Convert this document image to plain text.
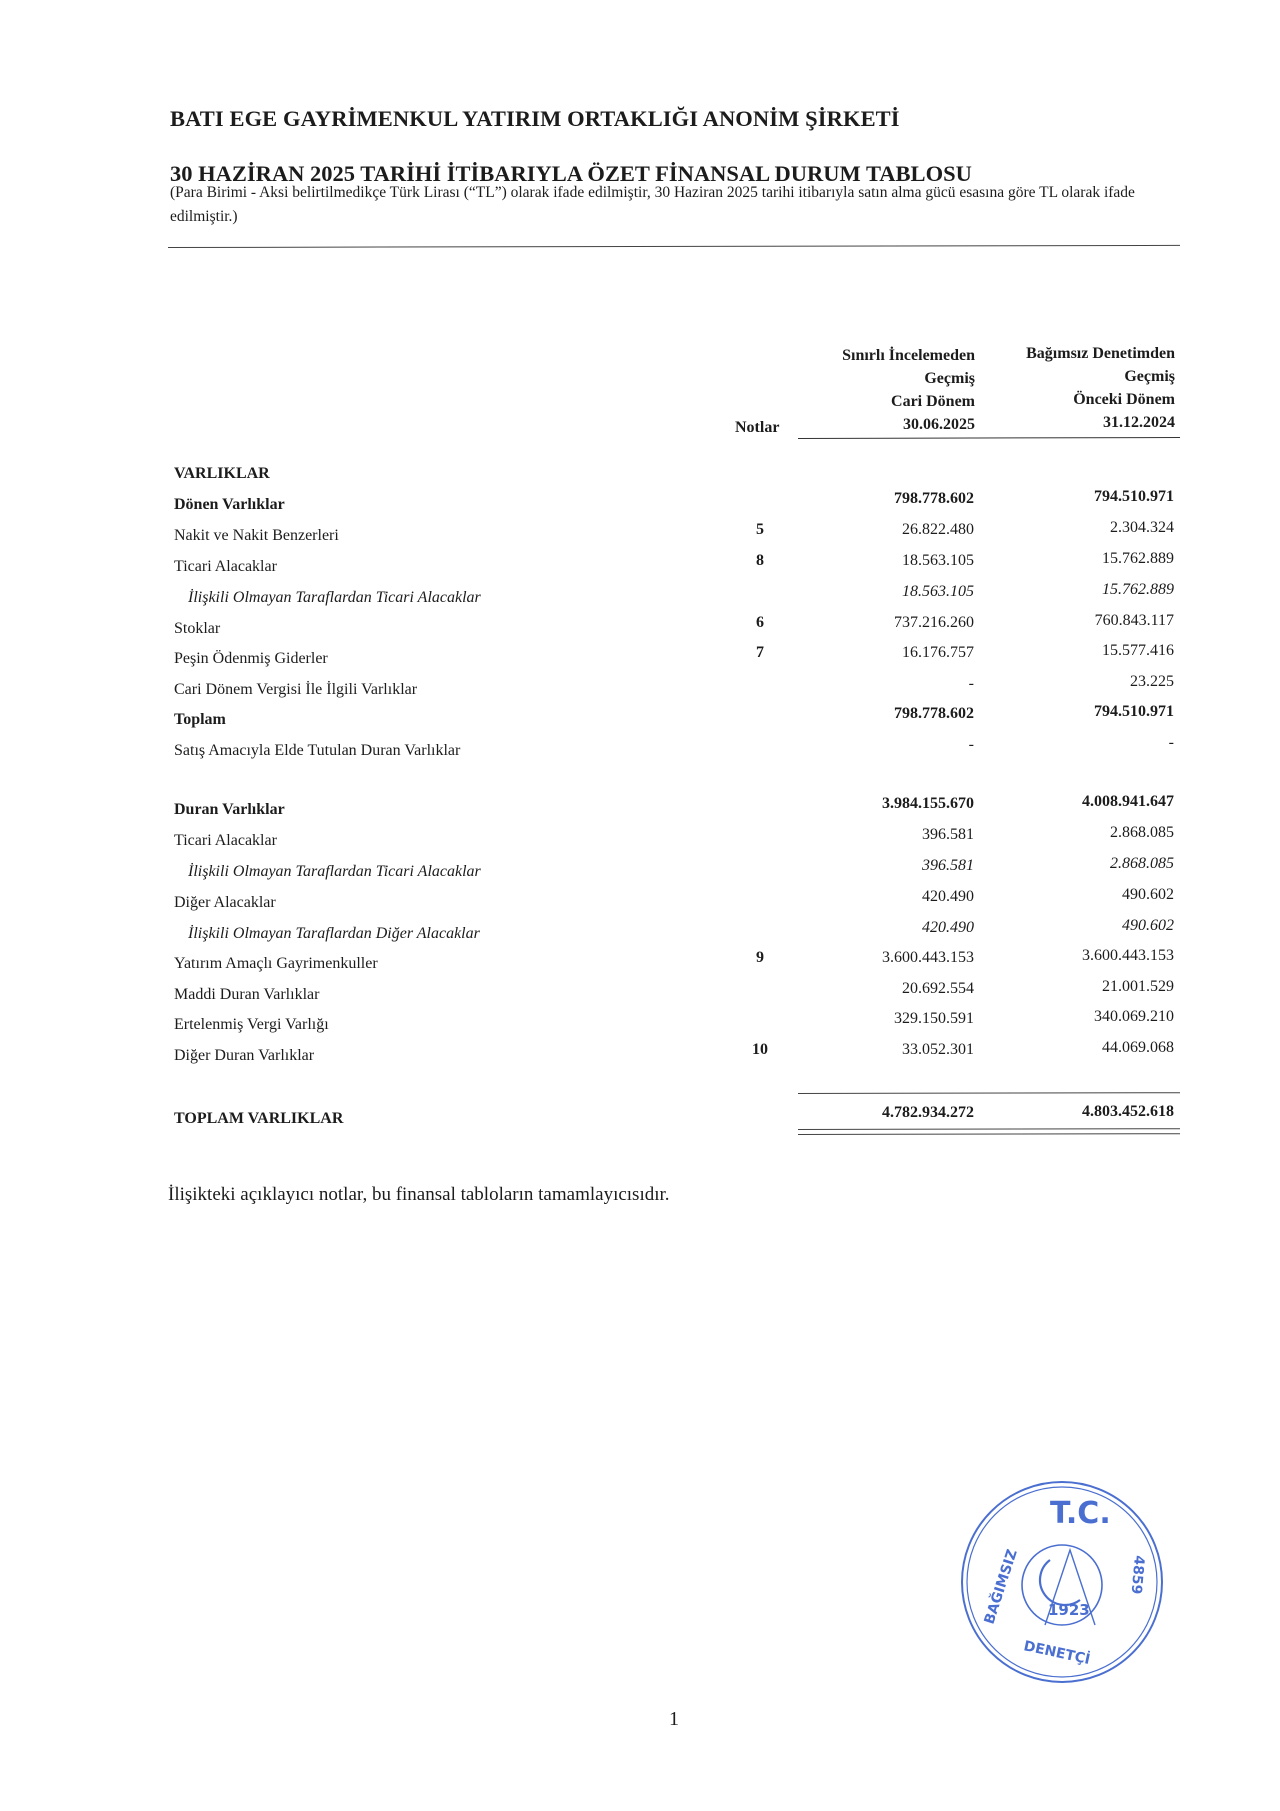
BATI EGE GAYRİMENKUL YATIRIM ORTAKLIĞI ANONİM ŞİRKETİ
30 HAZİRAN 2025 TARİHİ İTİBARIYLA ÖZET FİNANSAL DURUM TABLOSU
(Para Birimi - Aksi belirtilmedikçe Türk Lirası (“TL”) olarak ifade edilmiştir, 30 Haziran 2025 tarihi itibarıyla satın alma gücü esasına göre TL olarak ifade edilmiştir.)
Sınırlı İncelemeden
Geçmiş
Cari Dönem
30.06.2025
Bağımsız Denetimden
Geçmiş
Önceki Dönem
31.12.2024
Notlar
VARLIKLAR
Dönen Varlıklar	798.778.602	794.510.971
Nakit ve Nakit Benzerleri	5	26.822.480	2.304.324
Ticari Alacaklar	8	18.563.105	15.762.889
İlişkili Olmayan Taraflardan Ticari Alacaklar	18.563.105	15.762.889
Stoklar	6	737.216.260	760.843.117
Peşin Ödenmiş Giderler	7	16.176.757	15.577.416
Cari Dönem Vergisi İle İlgili Varlıklar	-	23.225
Toplam	798.778.602	794.510.971
Satış Amacıyla Elde Tutulan Duran Varlıklar	-	-
Duran Varlıklar	3.984.155.670	4.008.941.647
Ticari Alacaklar	396.581	2.868.085
İlişkili Olmayan Taraflardan Ticari Alacaklar	396.581	2.868.085
Diğer Alacaklar	420.490	490.602
İlişkili Olmayan Taraflardan Diğer Alacaklar	420.490	490.602
Yatırım Amaçlı Gayrimenkuller	9	3.600.443.153	3.600.443.153
Maddi Duran Varlıklar	20.692.554	21.001.529
Ertelenmiş Vergi Varlığı	329.150.591	340.069.210
Diğer Duran Varlıklar	10	33.052.301	44.069.068
TOPLAM VARLIKLAR	4.782.934.272	4.803.452.618
İlişikteki açıklayıcı notlar, bu finansal tabloların tamamlayıcısıdır.
T.C.
BAĞIMSIZ
DENETÇİ
4859
1923
1
